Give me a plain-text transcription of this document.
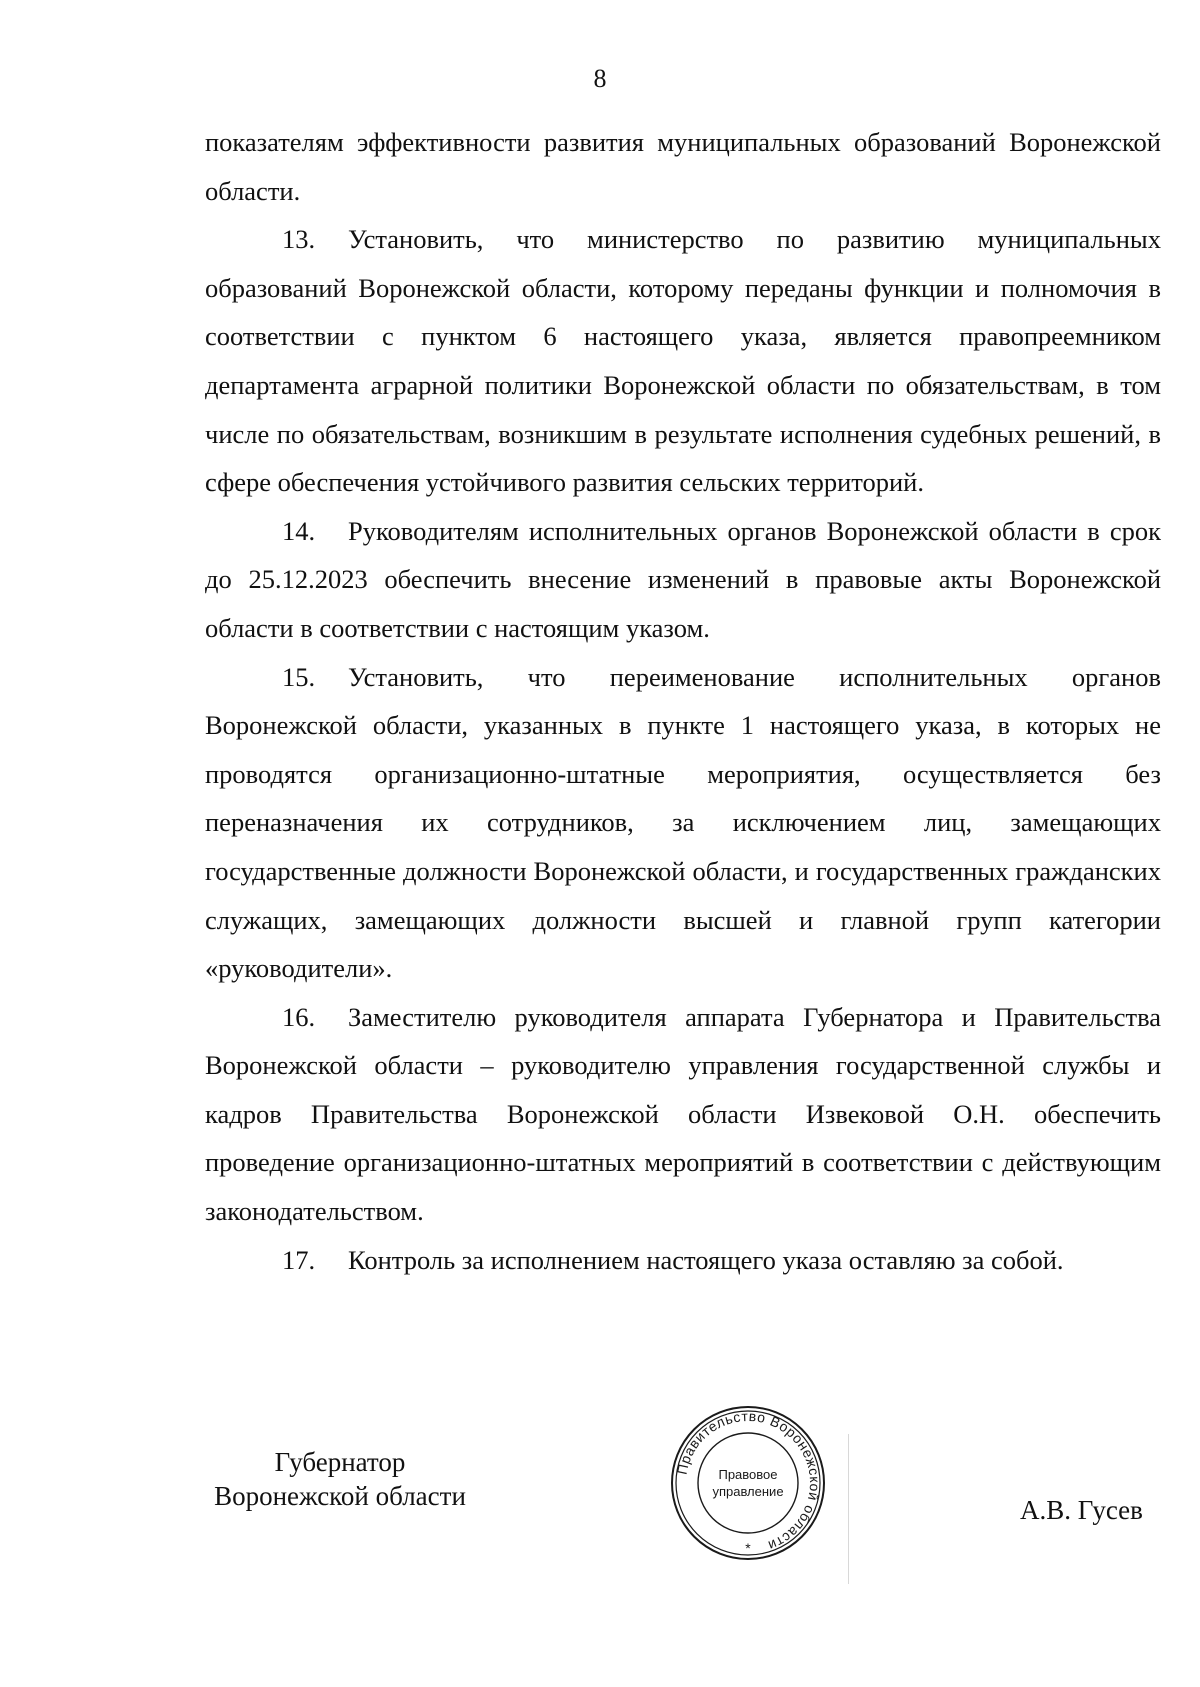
8

показателям эффективности развития муниципальных образований Воронежской области.

13. Установить, что министерство по развитию муниципальных образований Воронежской области, которому переданы функции и полномочия в соответствии с пунктом 6 настоящего указа, является правопреемником департамента аграрной политики Воронежской области по обязательствам, в том числе по обязательствам, возникшим в результате исполнения судебных решений, в сфере обеспечения устойчивого развития сельских территорий.

14. Руководителям исполнительных органов Воронежской области в срок до 25.12.2023 обеспечить внесение изменений в правовые акты Воронежской области в соответствии с настоящим указом.

15. Установить, что переименование исполнительных органов Воронежской области, указанных в пункте 1 настоящего указа, в которых не проводятся организационно-штатные мероприятия, осуществляется без переназначения их сотрудников, за исключением лиц, замещающих государственные должности Воронежской области, и государственных гражданских служащих, замещающих должности высшей и главной групп категории «руководители».

16. Заместителю руководителя аппарата Губернатора и Правительства Воронежской области – руководителю управления государственной службы и кадров Правительства Воронежской области Извековой О.Н. обеспечить проведение организационно-штатных мероприятий в соответствии с действующим законодательством.

17. Контроль за исполнением настоящего указа оставляю за собой.

Губернатор
Воронежской области
Правительство Воронежской области
Правовое
управление
*
А.В. Гусев
